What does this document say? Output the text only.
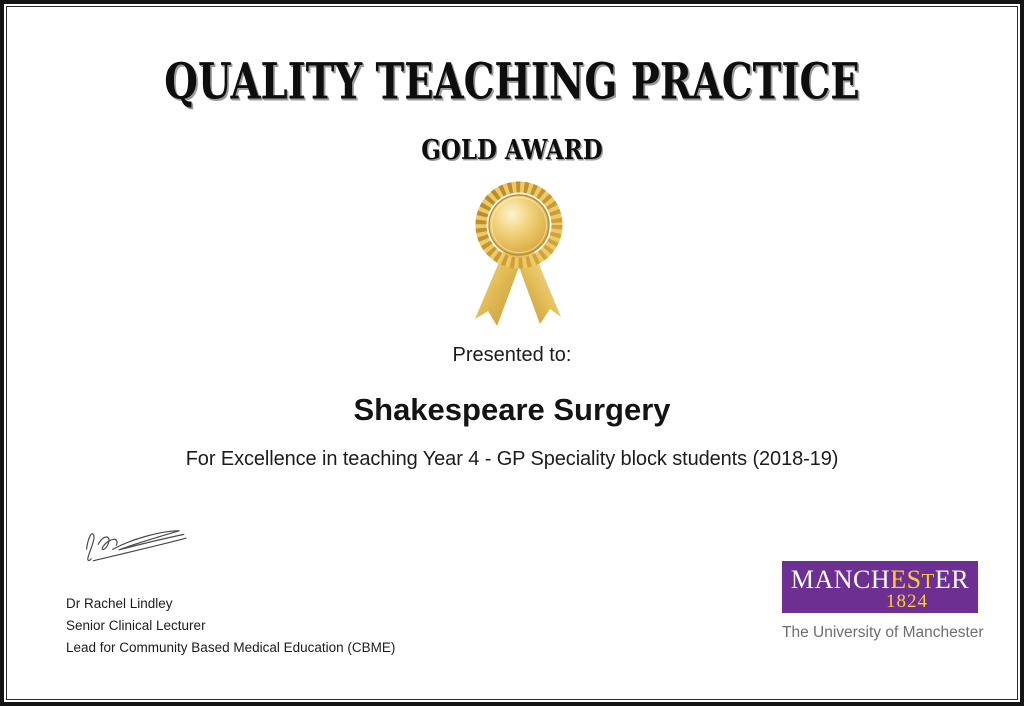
QUALITY TEACHING PRACTICE
GOLD AWARD
Presented to:
Shakespeare Surgery
For Excellence in teaching Year 4 - GP Speciality block students (2018-19)
Dr Rachel Lindley
Senior Clinical Lecturer
Lead for Community Based Medical Education (CBME)
MANCHESTER
1824
The University of Manchester
